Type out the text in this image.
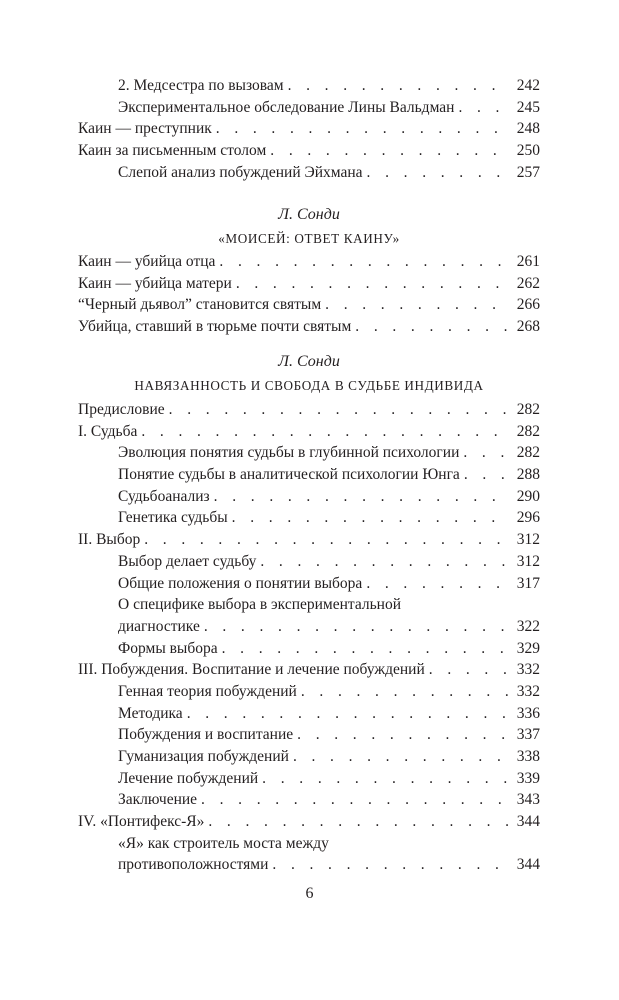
2. Медсестра по вызовам . . .	242
Экспериментальное обследование Лины Вальдман . . .	245
Каин — преступник . . .	248
Каин за письменным столом . . .	250
Слепой анализ побуждений Эйхмана . . .	257
Л. Сонди
«МОИСЕЙ: ОТВЕТ КАИНУ»
Каин — убийца отца . . .	261
Каин — убийца матери . . .	262
“Черный дьявол” становится святым . . .	266
Убийца, ставший в тюрьме почти святым . . .	268
Л. Сонди
НАВЯЗАННОСТЬ И СВОБОДА В СУДЬБЕ ИНДИВИДА
Предисловие . . .	282
I. Судьба . . .	282
Эволюция понятия судьбы в глубинной психологии . . .	282
Понятие судьбы в аналитической психологии Юнга . . .	288
Судьбоанализ . . .	290
Генетика судьбы . . .	296
II. Выбор . . .	312
Выбор делает судьбу . . .	312
Общие положения о понятии выбора . . .	317
О специфике выбора в экспериментальной
диагностике . . .	322
Формы выбора . . .	329
III. Побуждения. Воспитание и лечение побуждений . . .	332
Генная теория побуждений . . .	332
Методика . . .	336
Побуждения и воспитание . . .	337
Гуманизация побуждений . . .	338
Лечение побуждений . . .	339
Заключение . . .	343
IV. «Понтифекс-Я» . . .	344
«Я» как строитель моста между
противоположностями . . .	344
6
